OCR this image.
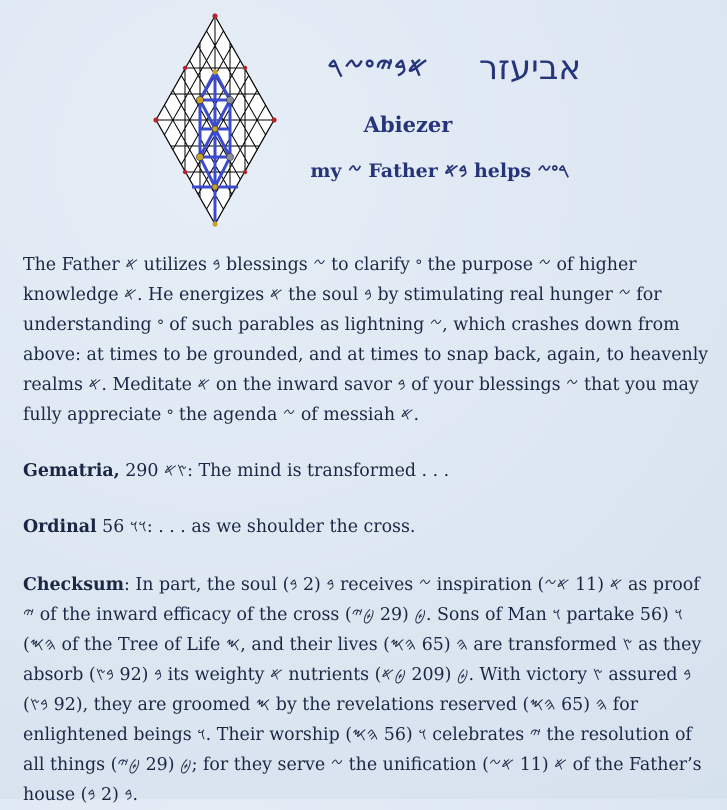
𐤀𐤁𐤉𐤏𐤆𐤓	אביעזר
Abiezer
my 𐤆 Father 𐤁𐤀 helps 𐤓𐤏𐤆
The Father 𐤀 utilizes 𐤁 blessings 𐤆 to clarify 𐤏 the purpose 𐤆 of higher knowledge 𐤀. He energizes 𐤀 the soul 𐤁 by stimulating real hunger 𐤆 for understanding 𐤏 of such parables as lightning 𐤆, which crashes down from above: at times to be grounded, and at times to snap back, again, to heavenly realms 𐤀. Meditate 𐤀 on the inward savor 𐤁 of your blessings 𐤆 that you may fully appreciate 𐤏 the agenda 𐤆 of messiah 𐤀.
Gematria, 290 𐤑𐤀: The mind is transformed . . .
Ordinal 56 𐤅𐤅: . . . as we shoulder the cross.
Checksum: In part, the soul 𐤁 (2 𐤁) receives 𐤆 inspiration 𐤀 (11 𐤀𐤆) as proof 𐤉 of the inward efficacy of the cross 𐤈 (29 𐤈𐤉). Sons of Man 𐤅 partake 𐤅 (56 𐤄𐤎) of the Tree of Life 𐤎, and their lives 𐤄 (65 𐤄𐤎) are transformed 𐤑 as they absorb 𐤁 (92 𐤁𐤑) its weighty 𐤀 nutrients 𐤈 (209 𐤈𐤀). With victory 𐤑 assured 𐤁 (92 𐤁𐤑), they are groomed 𐤎 by the revelations reserved 𐤄 (65 𐤄𐤎) for enlightened beings 𐤅. Their worship 𐤅 (56 𐤄𐤎) celebrates 𐤉 the resolution of all things 𐤈 (29 𐤈𐤉); for they serve 𐤆 the unification 𐤀 (11 𐤀𐤆) of the Father’s house 𐤁 (2 𐤁).
